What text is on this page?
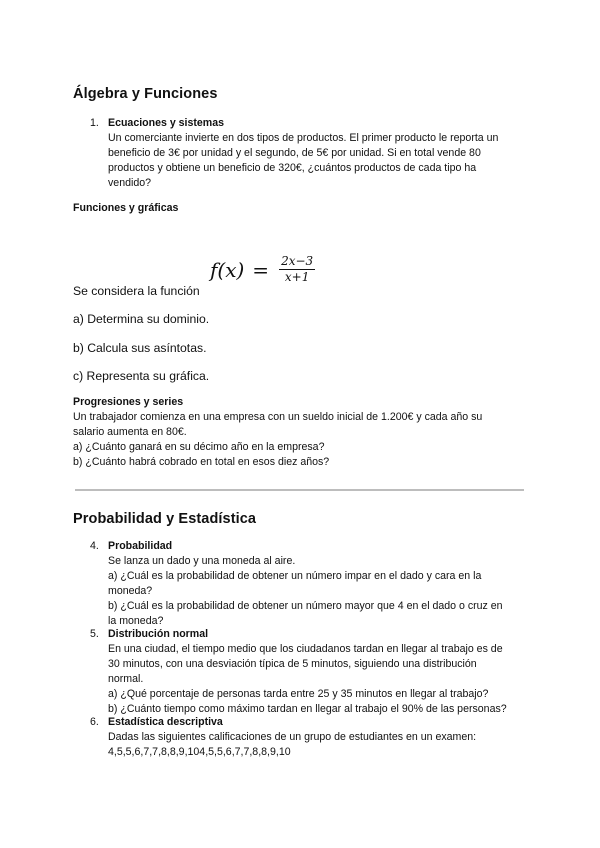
Álgebra y Funciones
1. Ecuaciones y sistemas
Un comerciante invierte en dos tipos de productos. El primer producto le reporta un
beneficio de 3€ por unidad y el segundo, de 5€ por unidad. Si en total vende 80
productos y obtiene un beneficio de 320€, ¿cuántos productos de cada tipo ha
vendido?
Funciones y gráficas
$f(x) = \frac{2x-3}{x+1}$
Se considera la función
a) Determina su dominio.
b) Calcula sus asíntotas.
c) Representa su gráfica.
Progresiones y series
Un trabajador comienza en una empresa con un sueldo inicial de 1.200€ y cada año su
salario aumenta en 80€.
a) ¿Cuánto ganará en su décimo año en la empresa?
b) ¿Cuánto habrá cobrado en total en esos diez años?
Probabilidad y Estadística
4. Probabilidad
Se lanza un dado y una moneda al aire.
a) ¿Cuál es la probabilidad de obtener un número impar en el dado y cara en la
moneda?
b) ¿Cuál es la probabilidad de obtener un número mayor que 4 en el dado o cruz en
la moneda?
5. Distribución normal
En una ciudad, el tiempo medio que los ciudadanos tardan en llegar al trabajo es de
30 minutos, con una desviación típica de 5 minutos, siguiendo una distribución
normal.
a) ¿Qué porcentaje de personas tarda entre 25 y 35 minutos en llegar al trabajo?
b) ¿Cuánto tiempo como máximo tardan en llegar al trabajo el 90% de las personas?
6. Estadística descriptiva
Dadas las siguientes calificaciones de un grupo de estudiantes en un examen:
4,5,5,6,7,7,8,8,9,104,5,5,6,7,7,8,8,9,10
